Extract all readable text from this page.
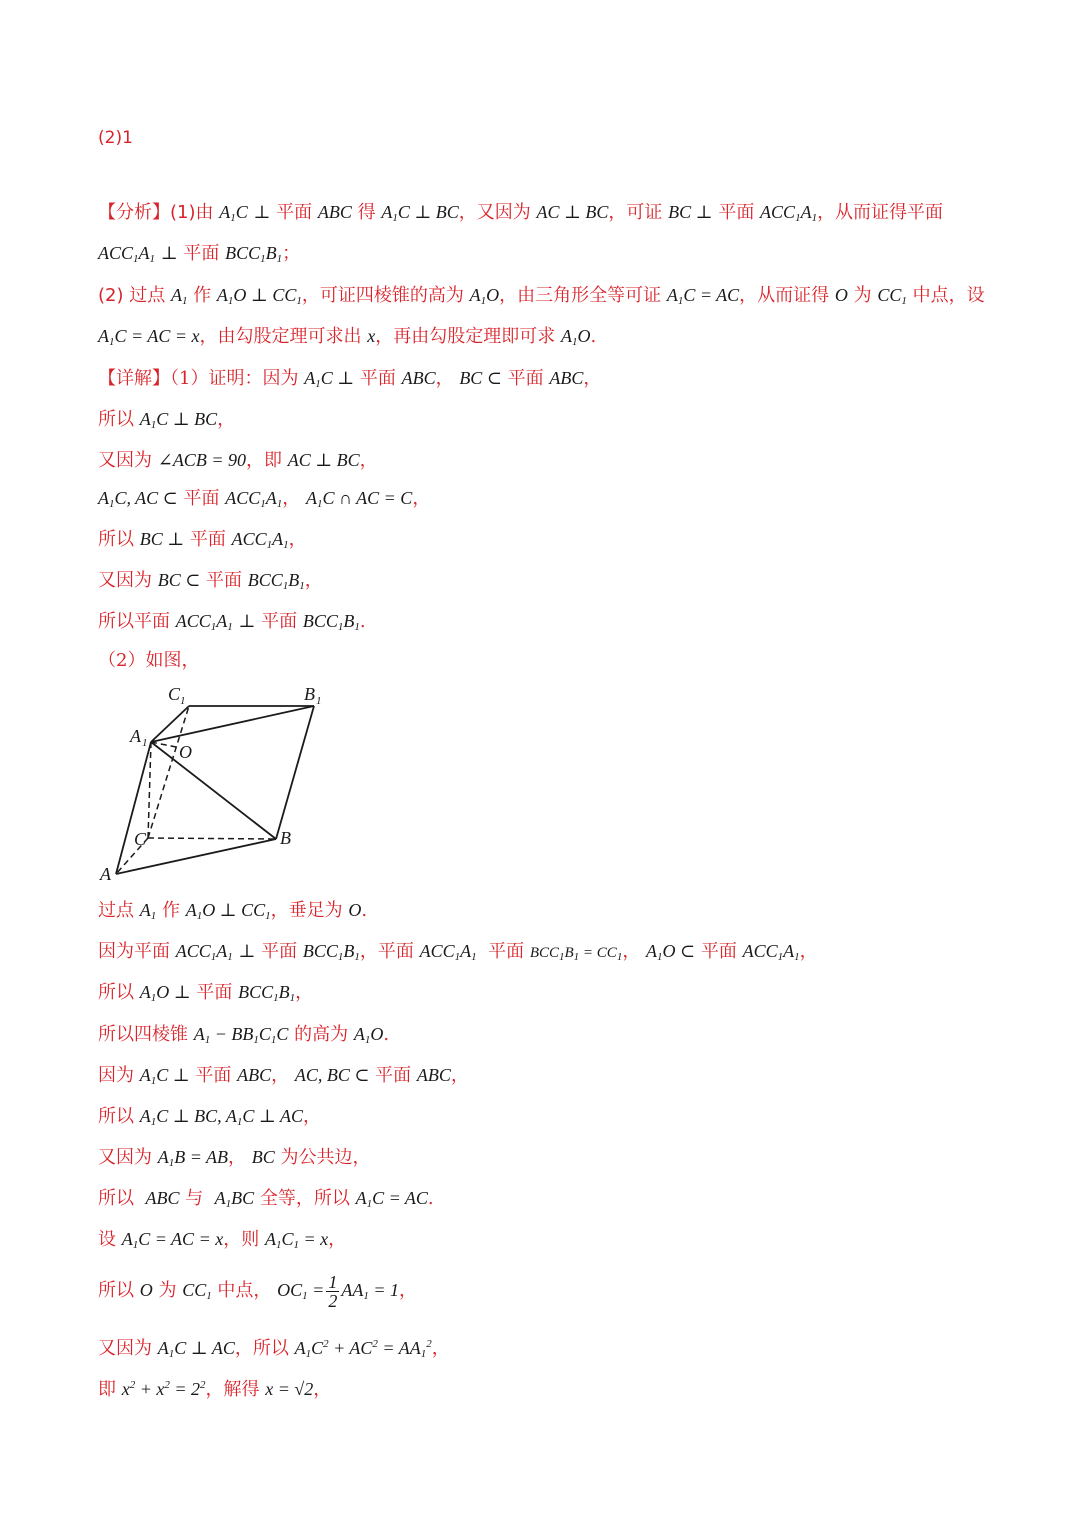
(2)1
【分析】(1)由 $A_1C$ ⊥ 平面 ABC 得 $A_1C$ ⊥ BC，又因为 AC ⊥ BC，可证 BC ⊥ 平面 $ACC_1A_1$，从而证得平面
$ACC_1A_1$ ⊥ 平面 $BCC_1B_1$；
(2) 过点 $A_1$ 作 $A_1O$ ⊥ $CC_1$，可证四棱锥的高为 $A_1O$，由三角形全等可证 $A_1C$ = AC，从而证得 O 为 $CC_1$ 中点，设
$A_1C$ = AC = x，由勾股定理可求出 x，再由勾股定理即可求 $A_1O$.
【详解】（1）证明：因为 $A_1C$ ⊥ 平面 ABC， BC ⊂ 平面 ABC，
所以 $A_1C$ ⊥ BC，
又因为 ∠ACB = 90，即 AC ⊥ BC，
$A_1C$, AC ⊂ 平面 $ACC_1A_1$， $A_1C$ ∩ AC = C，
所以 BC ⊥ 平面 $ACC_1A_1$，
又因为 BC ⊂ 平面 $BCC_1B_1$，
所以平面 $ACC_1A_1$ ⊥ 平面 $BCC_1B_1$.
（2）如图，
C 1	B 1
A 1 O
C	B
A
过点 $A_1$ 作 $A_1O$ ⊥ $CC_1$，垂足为 O.
因为平面 $ACC_1A_1$ ⊥ 平面 $BCC_1B_1$，平面 $ACC_1A_1$  平面 $BCC_1B_1 = CC_1$， $A_1O$ ⊂ 平面 $ACC_1A_1$，
所以 $A_1O$ ⊥ 平面 $BCC_1B_1$，
所以四棱锥 $A_1 - BB_1C_1C$ 的高为 $A_1O$.
因为 $A_1C$ ⊥ 平面 ABC， AC, BC ⊂ 平面 ABC，
所以 $A_1C$ ⊥ BC, $A_1C$ ⊥ AC，
又因为 $A_1B$ = AB， BC 为公共边，
所以  ABC 与  $A_1BC$ 全等，所以 $A_1C$ = AC.
设 $A_1C$ = AC = x，则 $A_1C_1 = x$，
所以 O 为 $CC_1$ 中点， $OC_1 = \frac{1}{2} AA_1 = 1$，
又因为 $A_1C$ ⊥ AC，所以 $A_1C^2 + AC^2 = AA_1^2$，
即 $x^2 + x^2 = 2^2$，解得 x = √2，
